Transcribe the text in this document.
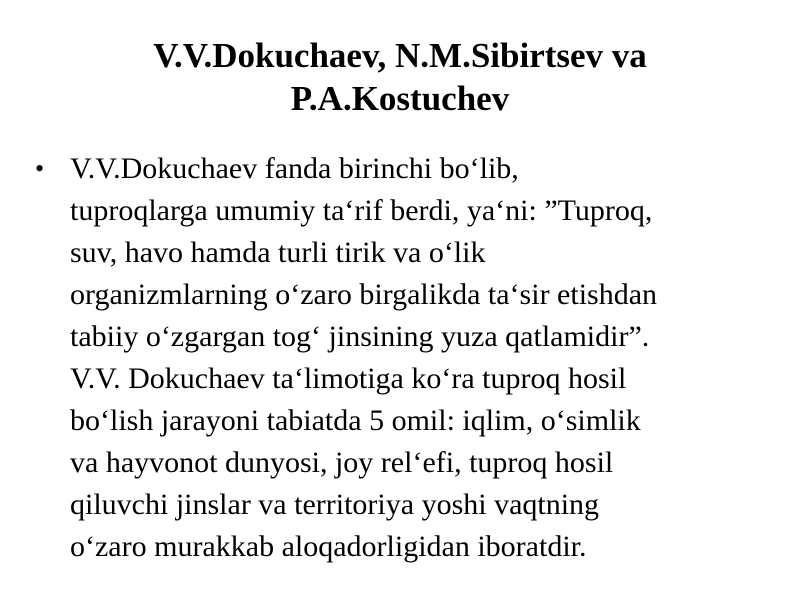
V.V.Dokuchaev, N.M.Sibirtsev va
P.A.Kostuchev
• V.V.Dokuchaev fanda birinchi bo‘lib,
tuproqlarga umumiy ta‘rif berdi, ya‘ni: ”Tuproq,
suv, havo hamda turli tirik va o‘lik
organizmlarning o‘zaro birgalikda ta‘sir etishdan
tabiiy o‘zgargan tog‘ jinsining yuza qatlamidir”.
V.V. Dokuchaev ta‘limotiga ko‘ra tuproq hosil
bo‘lish jarayoni tabiatda 5 omil: iqlim, o‘simlik
va hayvonot dunyosi, joy rel‘efi, tuproq hosil
qiluvchi jinslar va territoriya yoshi vaqtning
o‘zaro murakkab aloqadorligidan iboratdir.
